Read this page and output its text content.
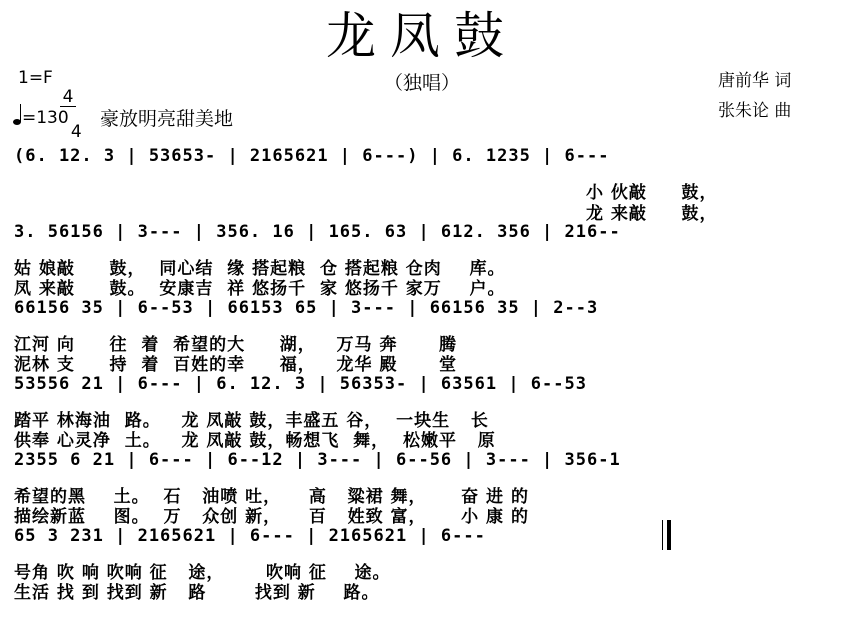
龙凤鼓
（独唱）
1=F

4

4

=130 豪放明亮甜美地
唐前华 词
张朱论 曲
(6. 12. 3 | 53653- | 2165621 | 6---) | 6. 1235 | 6---
小 伙敲     鼓，
龙 来敲     鼓，
3. 56156 | 3--- | 356. 16 | 165. 63 | 612. 356 | 216--
姑 娘敲     鼓，  同心结  缘 搭起粮  仓 搭起粮 仓肉    库。
凤 来敲     鼓。  安康吉  祥 悠扬千  家 悠扬千 家万    户。
66156 35 | 6--53 | 66153 65 | 3--- | 66156 35 | 2--3
江河 向     往  着  希望的大     湖，   万马 奔      腾
泥林 支     持  着  百姓的幸     福，   龙华 殿      堂
53556 21 | 6--- | 6. 12. 3 | 56353- | 63561 | 6--53
踏平 林海油  路。   龙 凤敲 鼓，丰盛五 谷，  一块生   长
供奉 心灵净  土。   龙 凤敲 鼓，畅想飞  舞，  松嫩平   原
2355 6 21 | 6--- | 6--12 | 3--- | 6--56 | 3--- | 356-1
希望的黑    土。  石   油喷 吐，    高   粱裙 舞，     奋 进 的
描绘新蓝    图。  万   众创 新，    百   姓致 富，     小 康 的
65 3 231 | 2165621 | 6--- | 2165621 | 6---
号角 吹 响 吹响 征   途，      吹响 征    途。
生活 找 到 找到 新   路       找到 新    路。
